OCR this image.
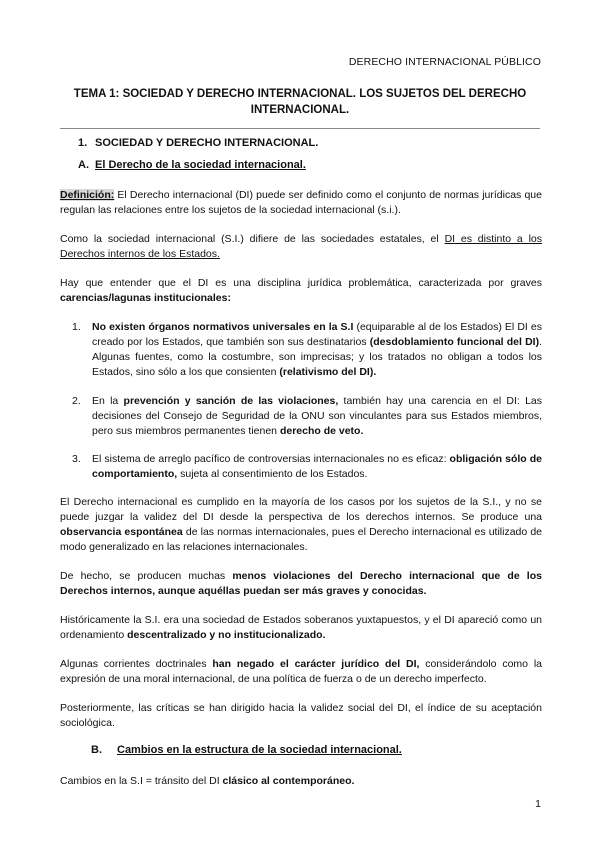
DERECHO INTERNACIONAL PÚBLICO
TEMA 1: SOCIEDAD Y DERECHO INTERNACIONAL. LOS SUJETOS DEL DERECHO INTERNACIONAL.
1. SOCIEDAD Y DERECHO INTERNACIONAL.
A. El Derecho de la sociedad internacional.
Definición: El Derecho internacional (DI) puede ser definido como el conjunto de normas jurídicas que regulan las relaciones entre los sujetos de la sociedad internacional (s.i.).
Como la sociedad internacional (S.I.) difiere de las sociedades estatales, el DI es distinto a los Derechos internos de los Estados.
Hay que entender que el DI es una disciplina jurídica problemática, caracterizada por graves carencias/lagunas institucionales:
1.	No existen órganos normativos universales en la S.I (equiparable al de los Estados) El DI es creado por los Estados, que también son sus destinatarios (desdoblamiento funcional del DI). Algunas fuentes, como la costumbre, son imprecisas; y los tratados no obligan a todos los Estados, sino sólo a los que consienten (relativismo del DI).
2.	En la prevención y sanción de las violaciones, también hay una carencia en el DI: Las decisiones del Consejo de Seguridad de la ONU son vinculantes para sus Estados miembros, pero sus miembros permanentes tienen derecho de veto.
3.	El sistema de arreglo pacífico de controversias internacionales no es eficaz: obligación sólo de comportamiento, sujeta al consentimiento de los Estados.
El Derecho internacional es cumplido en la mayoría de los casos por los sujetos de la S.I., y no se puede juzgar la validez del DI desde la perspectiva de los derechos internos. Se produce una observancia espontánea de las normas internacionales, pues el Derecho internacional es utilizado de modo generalizado en las relaciones internacionales.
De hecho, se producen muchas menos violaciones del Derecho internacional que de los Derechos internos, aunque aquéllas puedan ser más graves y conocidas.
Históricamente la S.I. era una sociedad de Estados soberanos yuxtapuestos, y el DI apareció como un ordenamiento descentralizado y no institucionalizado.
Algunas corrientes doctrinales han negado el carácter jurídico del DI, considerándolo como la expresión de una moral internacional, de una política de fuerza o de un derecho imperfecto.
Posteriormente, las críticas se han dirigido hacia la validez social del DI, el índice de su aceptación sociológica.
B. Cambios en la estructura de la sociedad internacional.
Cambios en la S.I = tránsito del DI clásico al contemporáneo.
1
